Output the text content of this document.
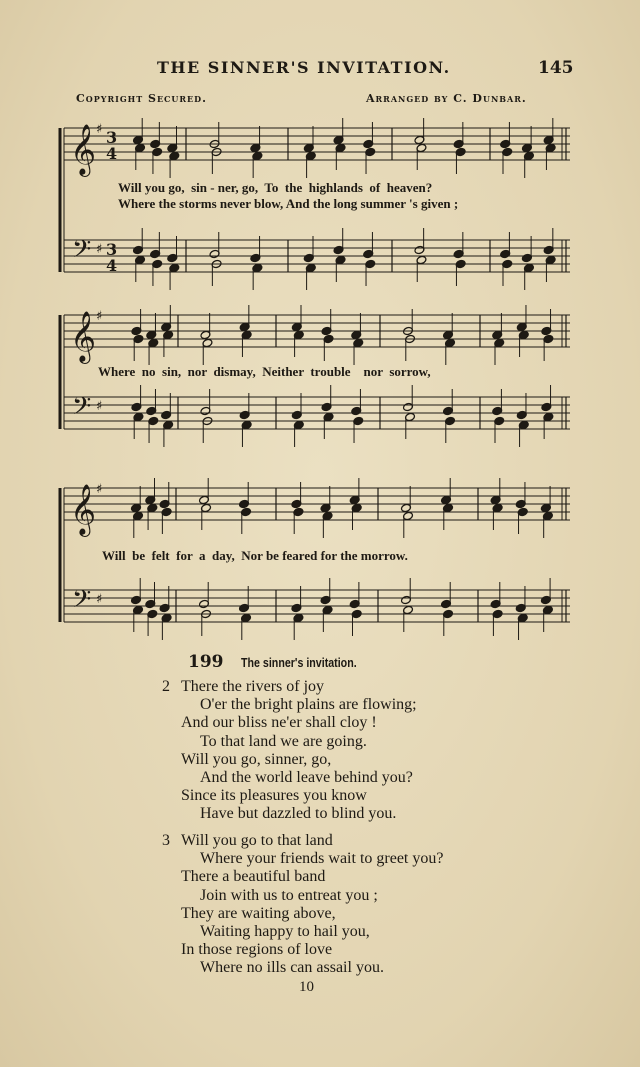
THE SINNER'S INVITATION.	145
Copyright Secured.	Arranged by C. Dunbar.
𝄞
𝄢
♯
♯
3
4
3
4
𝄞
𝄢
♯
♯
𝄞
𝄢
♯
♯
Will you go,  sin - ner, go,  To  the  highlands  of  heaven?
Where the storms never blow, And the long summer 's given ;
Where  no  sin,  nor  dismay,  Neither  trouble    nor  sorrow,
Will  be  felt  for  a  day,  Nor be feared for the morrow.
199 The sinner's invitation.
2 There the rivers of joy
O'er the bright plains are flowing;
And our bliss ne'er shall cloy !
To that land we are going.
Will you go, sinner, go,
And the world leave behind you?
Since its pleasures you know
Have but dazzled to blind you.
3 Will you go to that land
Where your friends wait to greet you?
There a beautiful band
Join with us to entreat you ;
They are waiting above,
Waiting happy to hail you,
In those regions of love
Where no ills can assail you.
10
